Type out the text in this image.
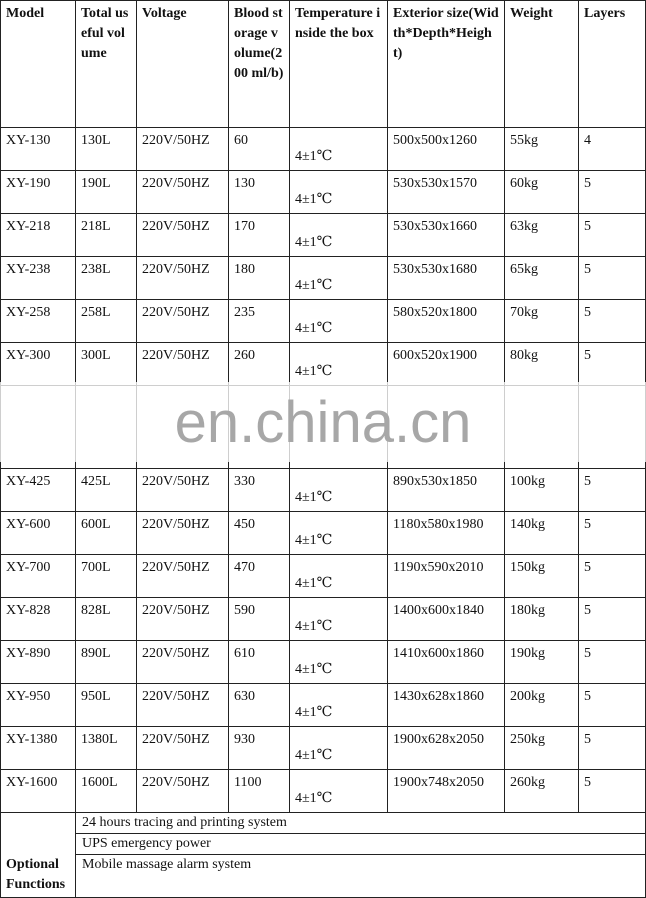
Model	Total useful volume	Voltage	Blood storage volume(200 ml/b)	Temperature inside the box	Exterior size(Width*Depth*Height)	Weight	Layers
XY-130	130L	220V/50HZ	60	4±1℃	500x500x1260	55kg	4
XY-190	190L	220V/50HZ	130	4±1℃	530x530x1570	60kg	5
XY-218	218L	220V/50HZ	170	4±1℃	530x530x1660	63kg	5
XY-238	238L	220V/50HZ	180	4±1℃	530x530x1680	65kg	5
XY-258	258L	220V/50HZ	235	4±1℃	580x520x1800	70kg	5
XY-300	300L	220V/50HZ	260	4±1℃	600x520x1900	80kg	5

XY-425	425L	220V/50HZ	330	4±1℃	890x530x1850	100kg	5
XY-600	600L	220V/50HZ	450	4±1℃	1180x580x1980	140kg	5
XY-700	700L	220V/50HZ	470	4±1℃	1190x590x2010	150kg	5
XY-828	828L	220V/50HZ	590	4±1℃	1400x600x1840	180kg	5
XY-890	890L	220V/50HZ	610	4±1℃	1410x600x1860	190kg	5
XY-950	950L	220V/50HZ	630	4±1℃	1430x628x1860	200kg	5
XY-1380	1380L	220V/50HZ	930	4±1℃	1900x628x2050	250kg	5
XY-1600	1600L	220V/50HZ	1100	4±1℃	1900x748x2050	260kg	5
Optional Functions	24 hours tracing and printing system						
	UPS emergency power						
	Mobile massage alarm system						
en.china.cn
